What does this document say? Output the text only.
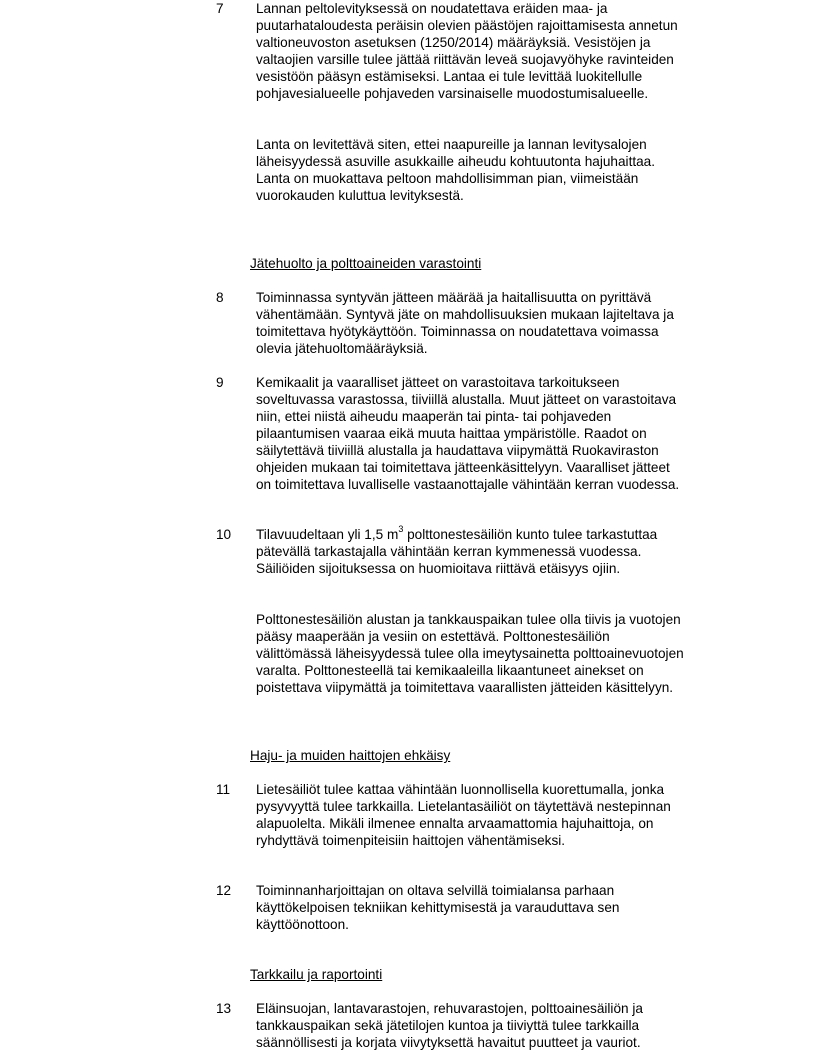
7	Lannan peltolevityksessä on noudatettava eräiden maa- ja puutarhataloudesta peräisin olevien päästöjen rajoittamisesta annetun valtioneuvoston asetuksen (1250/2014) määräyksiä. Vesistöjen ja valtaojien varsille tulee jättää riittävän leveä suojavyöhyke ravinteiden vesistöön pääsyn estämiseksi. Lantaa ei tule levittää luokitellulle pohjavesialueelle pohjaveden varsinaiselle muodostumisalueelle.

Lanta on levitettävä siten, ettei naapureille ja lannan levitysalojen läheisyydessä asuville asukkaille aiheudu kohtuutonta hajuhaittaa. Lanta on muokattava peltoon mahdollisimman pian, viimeistään vuorokauden kuluttua levityksestä.

Jätehuolto ja polttoaineiden varastointi
8	Toiminnassa syntyvän jätteen määrää ja haitallisuutta on pyrittävä vähentämään. Syntyvä jäte on mahdollisuuksien mukaan lajiteltava ja toimitettava hyötykäyttöön. Toiminnassa on noudatettava voimassa olevia jätehuoltomääräyksiä.

9	Kemikaalit ja vaaralliset jätteet on varastoitava tarkoitukseen soveltuvassa varastossa, tiiviillä alustalla. Muut jätteet on varastoitava niin, ettei niistä aiheudu maaperän tai pinta- tai pohjaveden pilaantumisen vaaraa eikä muuta haittaa ympäristölle. Raadot on säilytettävä tiiviillä alustalla ja haudattava viipymättä Ruokaviraston ohjeiden mukaan tai toimitettava jätteenkäsittelyyn. Vaaralliset jätteet on toimitettava luvalliselle vastaanottajalle vähintään kerran vuodessa.

10	Tilavuudeltaan yli 1,5 $m^3$ polttonestesäiliön kunto tulee tarkastuttaa pätevällä tarkastajalla vähintään kerran kymmenessä vuodessa. Säiliöiden sijoituksessa on huomioitava riittävä etäisyys ojiin.

Polttonestesäiliön alustan ja tankkauspaikan tulee olla tiivis ja vuotojen pääsy maaperään ja vesiin on estettävä. Polttonestesäiliön välittömässä läheisyydessä tulee olla imeytysainetta polttoainevuotojen varalta. Polttonesteellä tai kemikaaleilla likaantuneet ainekset on poistettava viipymättä ja toimitettava vaarallisten jätteiden käsittelyyn.

Haju- ja muiden haittojen ehkäisy
11	Lietesäiliöt tulee kattaa vähintään luonnollisella kuorettumalla, jonka pysyvyyttä tulee tarkkailla. Lietelantasäiliöt on täytettävä nestepinnan alapuolelta. Mikäli ilmenee ennalta arvaamattomia hajuhaittoja, on ryhdyttävä toimenpiteisiin haittojen vähentämiseksi.

12	Toiminnanharjoittajan on oltava selvillä toimialansa parhaan käyttökelpoisen tekniikan kehittymisestä ja varauduttava sen käyttöönottoon.

Tarkkailu ja raportointi
13	Eläinsuojan, lantavarastojen, rehuvarastojen, polttoainesäiliön ja tankkauspaikan sekä jätetilojen kuntoa ja tiiviyttä tulee tarkkailla säännöllisesti ja korjata viivytyksettä havaitut puutteet ja vauriot.
